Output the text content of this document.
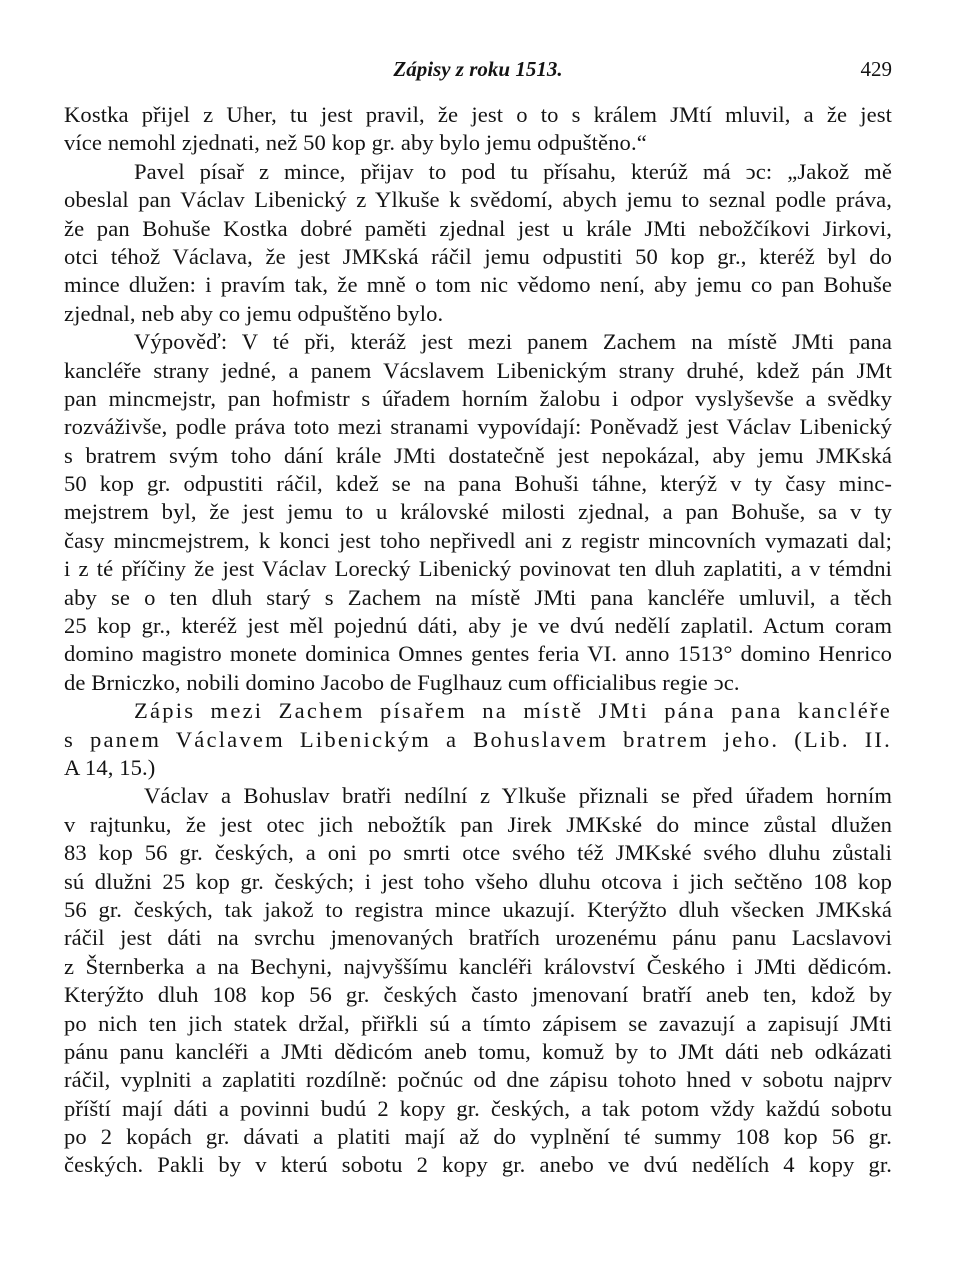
Zápisy z roku 1513.	429
Kostka přijel z Uher, tu jest pravil, že jest o to s králem JMtí mluvil, a že jest
více nemohl zjednati, než 50 kop gr. aby bylo jemu odpuštěno.“
Pavel písař z mince, přijav to pod tu přísahu, kterúž má ↄc: „Jakož mě
obeslal pan Václav Libenický z Ylkuše k svědomí, abych jemu to seznal podle práva,
že pan Bohuše Kostka dobré paměti zjednal jest u krále JMti nebožčíkovi Jirkovi,
otci téhož Václava, že jest JMKská ráčil jemu odpustiti 50 kop gr., kteréž byl do
mince dlužen: i pravím tak, že mně o tom nic vědomo není, aby jemu co pan Bohuše
zjednal, neb aby co jemu odpuštěno bylo.
Výpověď: V té při, kteráž jest mezi panem Zachem na místě JMti pana
kancléře strany jedné, a panem Vácslavem Libenickým strany druhé, kdež pán JMt
pan mincmejstr, pan hofmistr s úřadem horním žalobu i odpor vyslyševše a svědky
rozváživše, podle práva toto mezi stranami vypovídají: Poněvadž jest Václav Libenický
s bratrem svým toho dání krále JMti dostatečně jest nepokázal, aby jemu JMKská
50 kop gr. odpustiti ráčil, kdež se na pana Bohuši táhne, kterýž v ty časy minc-
mejstrem byl, že jest jemu to u královské milosti zjednal, a pan Bohuše, sa v ty
časy mincmejstrem, k konci jest toho nepřivedl ani z registr mincovních vymazati dal;
i z té příčiny že jest Václav Lorecký Libenický povinovat ten dluh zaplatiti, a v témdni
aby se o ten dluh starý s Zachem na místě JMti pana kancléře umluvil, a těch
25 kop gr., kteréž jest měl pojednú dáti, aby je ve dvú nedělí zaplatil. Actum coram
domino magistro monete dominica Omnes gentes feria VI. anno 1513° domino Henrico
de Brniczko, nobili domino Jacobo de Fuglhauz cum officialibus regie ↄc.
Zápis mezi Zachem písařem na místě JMti pána pana kancléře
s panem Václavem Libenickým a Bohuslavem bratrem jeho. (Lib. II.
A 14, 15.)
Václav a Bohuslav bratři nedílní z Ylkuše přiznali se před úřadem horním
v rajtunku, že jest otec jich nebožtík pan Jirek JMKské do mince zůstal dlužen
83 kop 56 gr. českých, a oni po smrti otce svého též JMKské svého dluhu zůstali
sú dlužni 25 kop gr. českých; i jest toho všeho dluhu otcova i jich sečtěno 108 kop
56 gr. českých, tak jakož to registra mince ukazují. Kterýžto dluh všecken JMKská
ráčil jest dáti na svrchu jmenovaných bratřích urozenému pánu panu Lacslavovi
z Šternberka a na Bechyni, najvyššímu kancléři království Českého i JMti dědicóm.
Kterýžto dluh 108 kop 56 gr. českých často jmenovaní bratří aneb ten, kdož by
po nich ten jich statek držal, přiřkli sú a tímto zápisem se zavazují a zapisují JMti
pánu panu kancléři a JMti dědicóm aneb tomu, komuž by to JMt dáti neb odkázati
ráčil, vyplniti a zaplatiti rozdílně: počnúc od dne zápisu tohoto hned v sobotu najprv
příští mají dáti a povinni budú 2 kopy gr. českých, a tak potom vždy každú sobotu
po 2 kopách gr. dávati a platiti mají až do vyplnění té summy 108 kop 56 gr.
českých. Pakli by v kterú sobotu 2 kopy gr. anebo ve dvú nedělích 4 kopy gr.
